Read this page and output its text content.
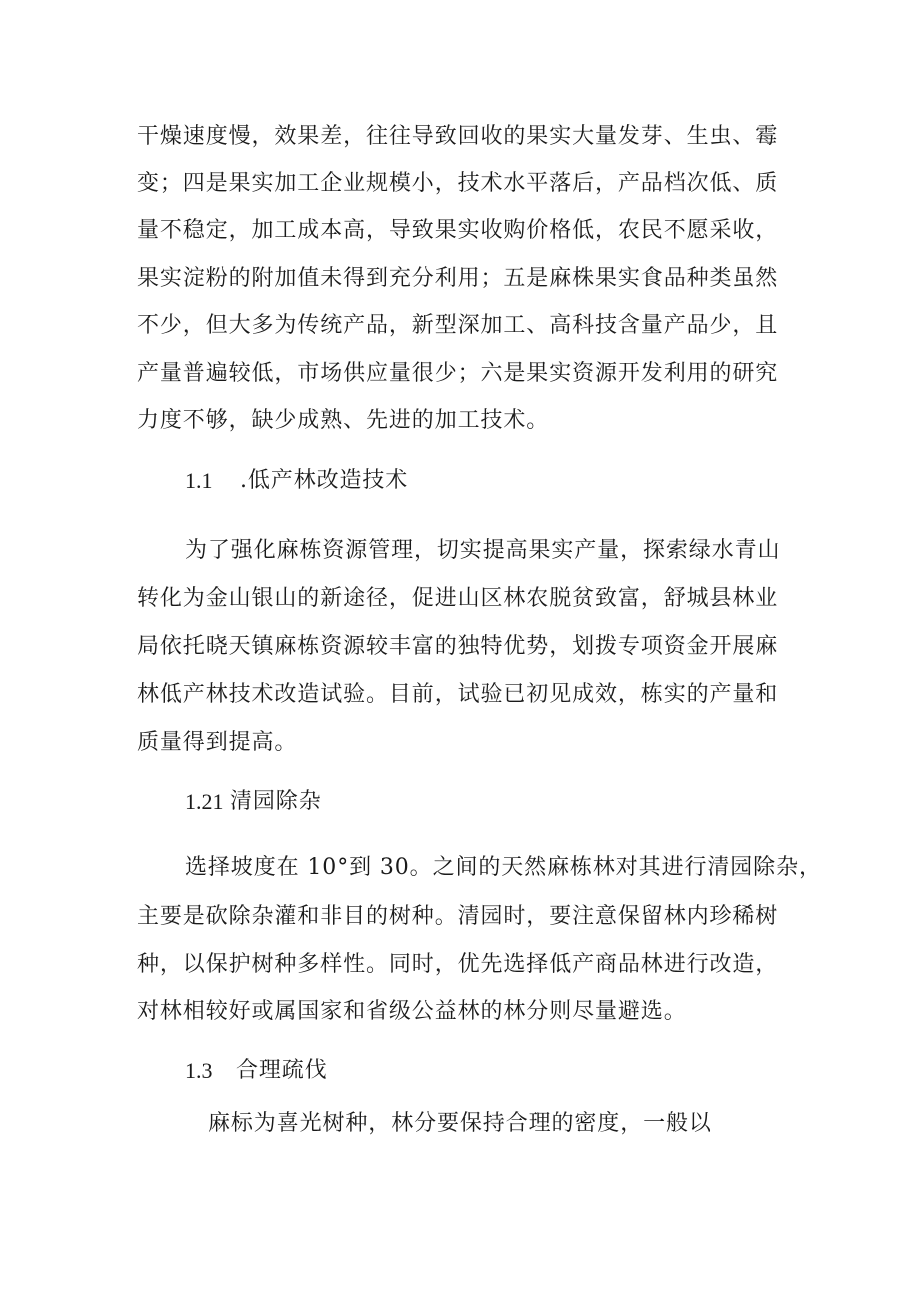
干燥速度慢，效果差，往往导致回收的果实大量发芽、生虫、霉
变；四是果实加工企业规模小，技术水平落后，产品档次低、质
量不稳定，加工成本高，导致果实收购价格低，农民不愿采收，
果实淀粉的附加值未得到充分利用；五是麻株果实食品种类虽然
不少，但大多为传统产品，新型深加工、高科技含量产品少，且
产量普遍较低，市场供应量很少；六是果实资源开发利用的研究
力度不够，缺少成熟、先进的加工技术。
1.1 .低产林改造技术
为了强化麻栋资源管理，切实提高果实产量，探索绿水青山
转化为金山银山的新途径，促进山区林农脱贫致富，舒城县林业
局依托晓天镇麻栋资源较丰富的独特优势，划拨专项资金开展麻
林低产林技术改造试验。目前，试验已初见成效，栋实的产量和
质量得到提高。
1.21 清园除杂
选择坡度在 10°到 30。之间的天然麻栋林对其进行清园除杂，
主要是砍除杂灌和非目的树种。清园时，要注意保留林内珍稀树
种，以保护树种多样性。同时，优先选择低产商品林进行改造，
对林相较好或属国家和省级公益林的林分则尽量避选。
1.3 合理疏伐
麻标为喜光树种，林分要保持合理的密度，一般以
